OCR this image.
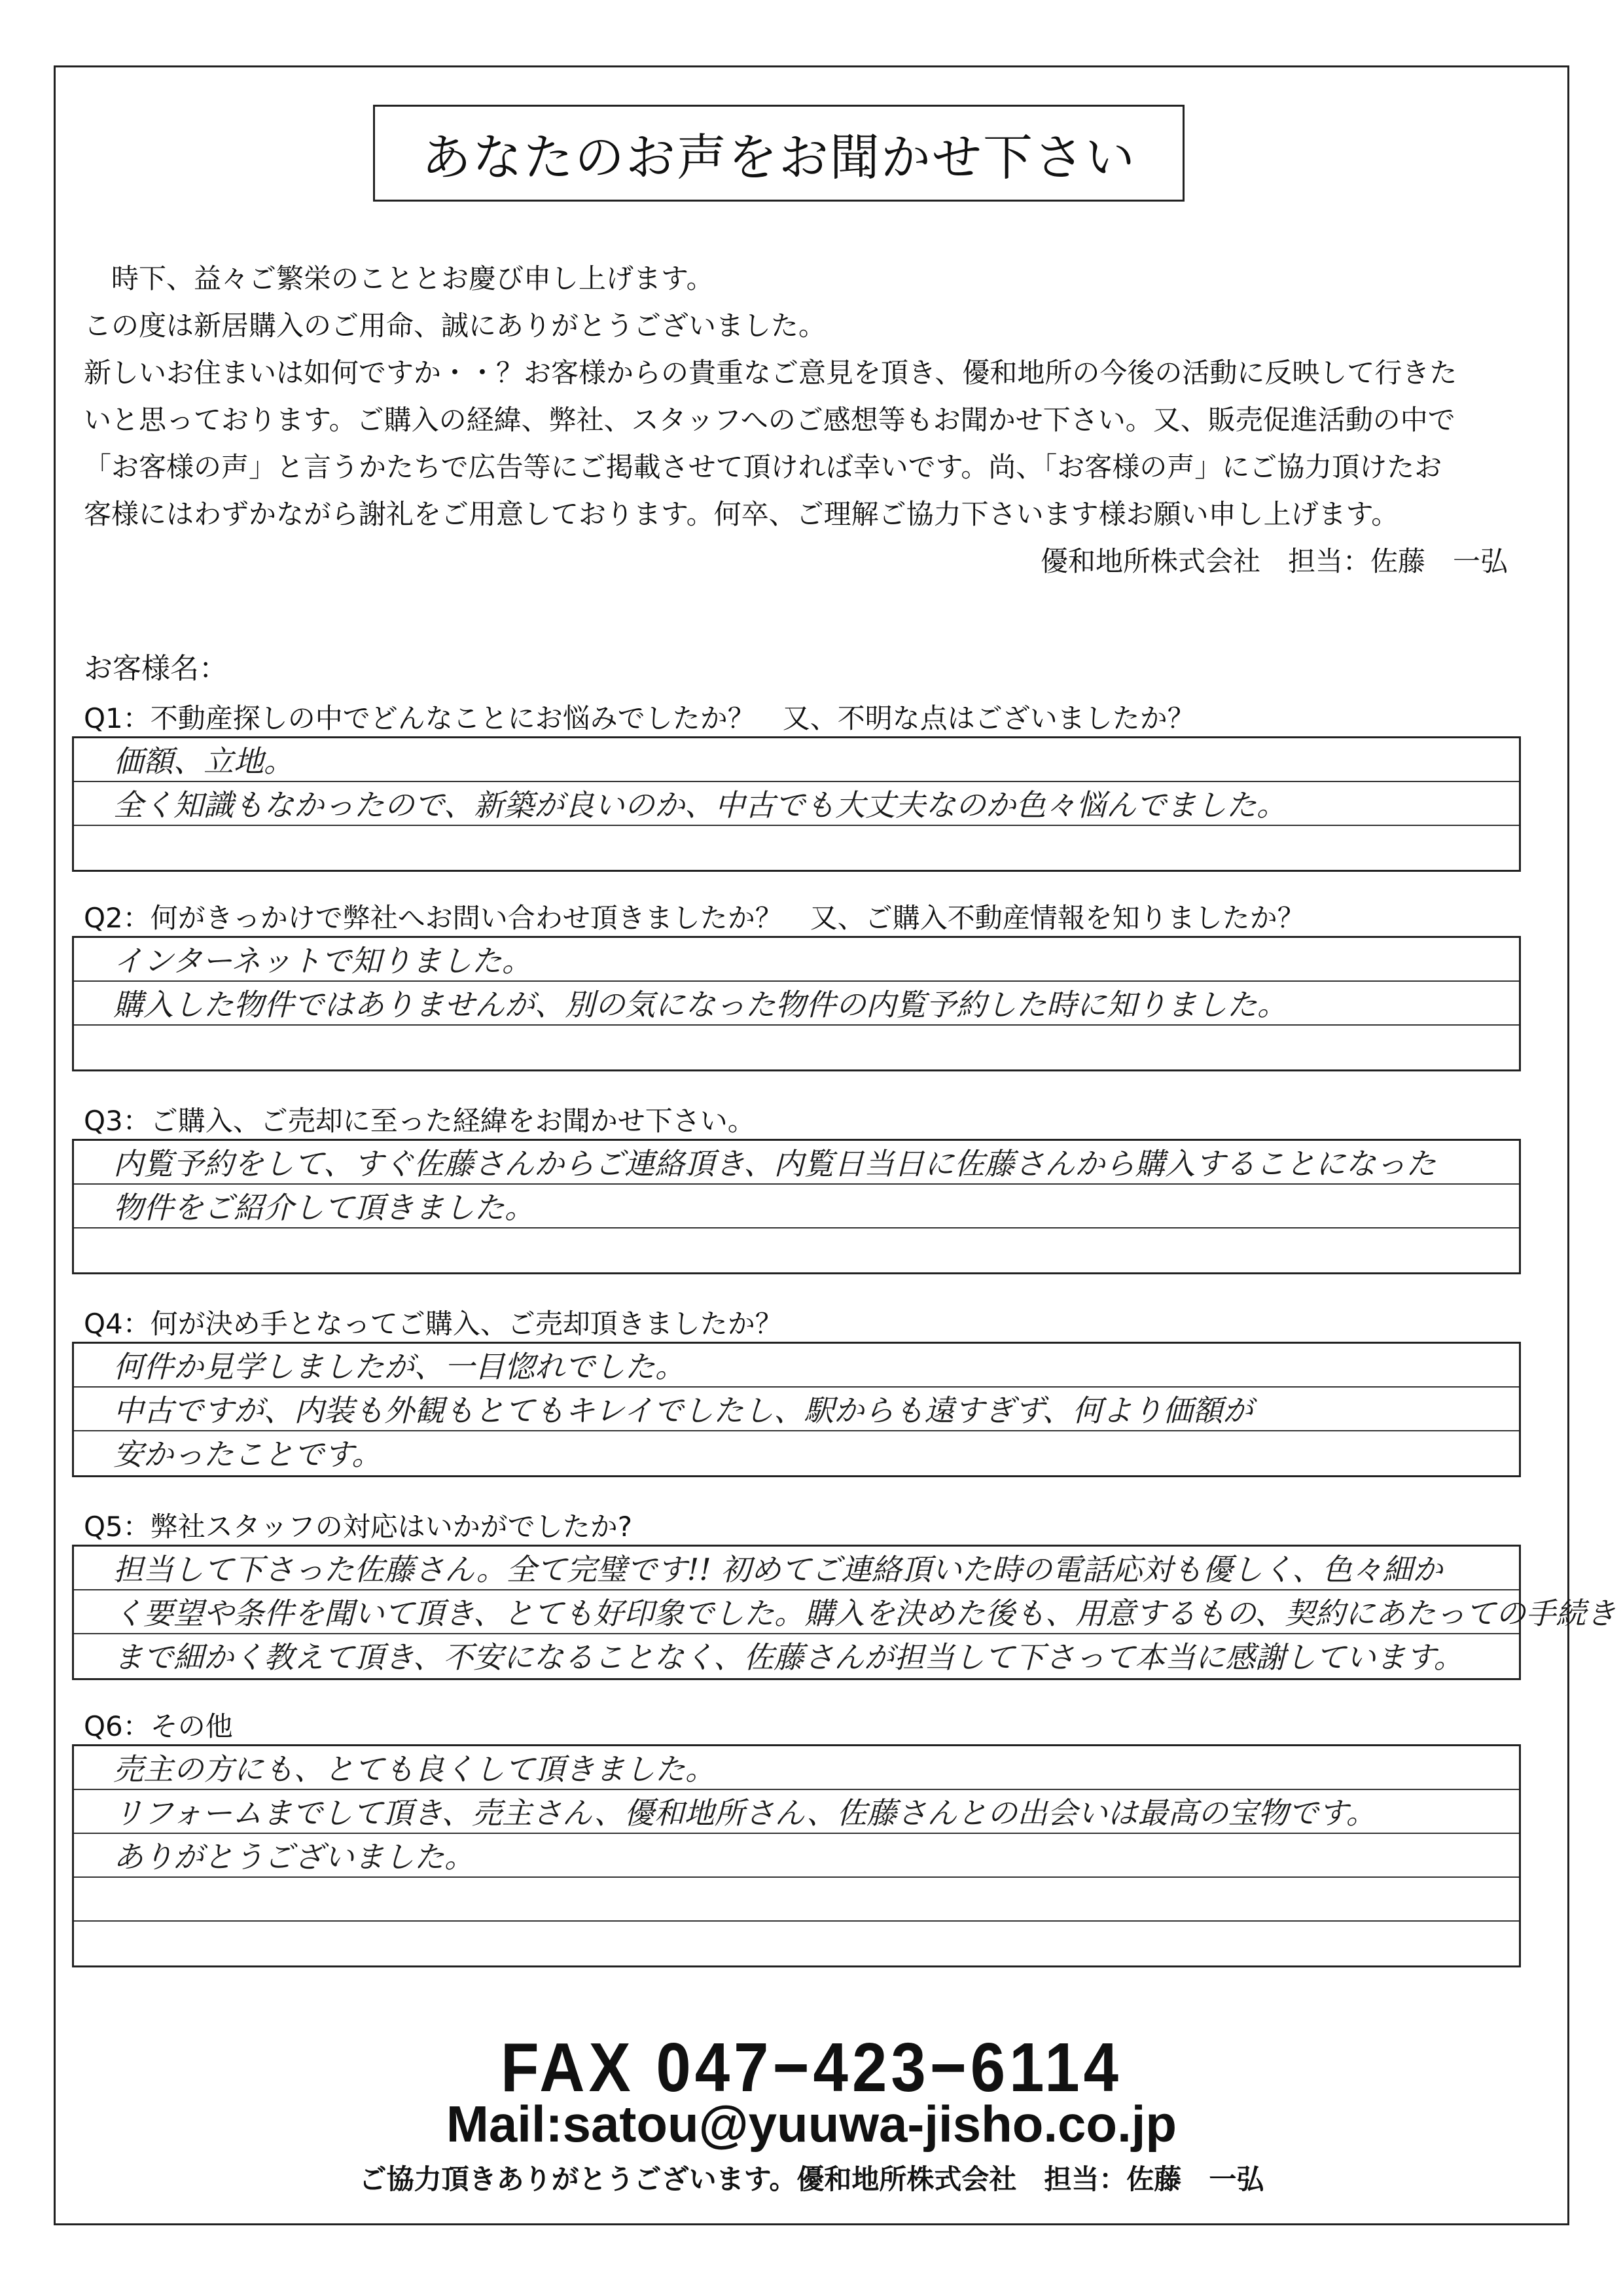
あなたのお声をお聞かせ下さい
時下、益々ご繁栄のこととお慶び申し上げます。
この度は新居購入のご用命、誠にありがとうございました。
新しいお住まいは如何ですか・・？お客様からの貴重なご意見を頂き、優和地所の今後の活動に反映して行きた
いと思っております。ご購入の経緯、弊社、スタッフへのご感想等もお聞かせ下さい。又、販売促進活動の中で
「お客様の声」と言うかたちで広告等にご掲載させて頂ければ幸いです。尚、「お客様の声」にご協力頂けたお
客様にはわずかながら謝礼をご用意しております。何卒、ご理解ご協力下さいます様お願い申し上げます。
優和地所株式会社　担当：佐藤　一弘
お客様名：
Q1：不動産探しの中でどんなことにお悩みでしたか？　又、不明な点はございましたか？
価額、立地。
全く知識もなかったので、新築が良いのか、中古でも大丈夫なのか色々悩んでました。
Q2：何がきっかけで弊社へお問い合わせ頂きましたか？　又、ご購入不動産情報を知りましたか？
インターネットで知りました。
購入した物件ではありませんが、別の気になった物件の内覧予約した時に知りました。
Q3：ご購入、ご売却に至った経緯をお聞かせ下さい。
内覧予約をして、すぐ佐藤さんからご連絡頂き、内覧日当日に佐藤さんから購入することになった
物件をご紹介して頂きました。
Q4：何が決め手となってご購入、ご売却頂きましたか？
何件か見学しましたが、一目惚れでした。
中古ですが、内装も外観もとてもキレイでしたし、駅からも遠すぎず、何より価額が
安かったことです。
Q5：弊社スタッフの対応はいかがでしたか?
担当して下さった佐藤さん。全て完璧です!! 初めてご連絡頂いた時の電話応対も優しく、色々細か
く要望や条件を聞いて頂き、とても好印象でした。購入を決めた後も、用意するもの、契約にあたっての手続き
まで細かく教えて頂き、不安になることなく、佐藤さんが担当して下さって本当に感謝しています。
Q6：その他
売主の方にも、とても良くして頂きました。
リフォームまでして頂き、売主さん、優和地所さん、佐藤さんとの出会いは最高の宝物です。
ありがとうございました。
FAX 047−423−6114
Mail:satou@yuuwa-jisho.co.jp
ご協力頂きありがとうございます。優和地所株式会社　担当：佐藤　一弘
